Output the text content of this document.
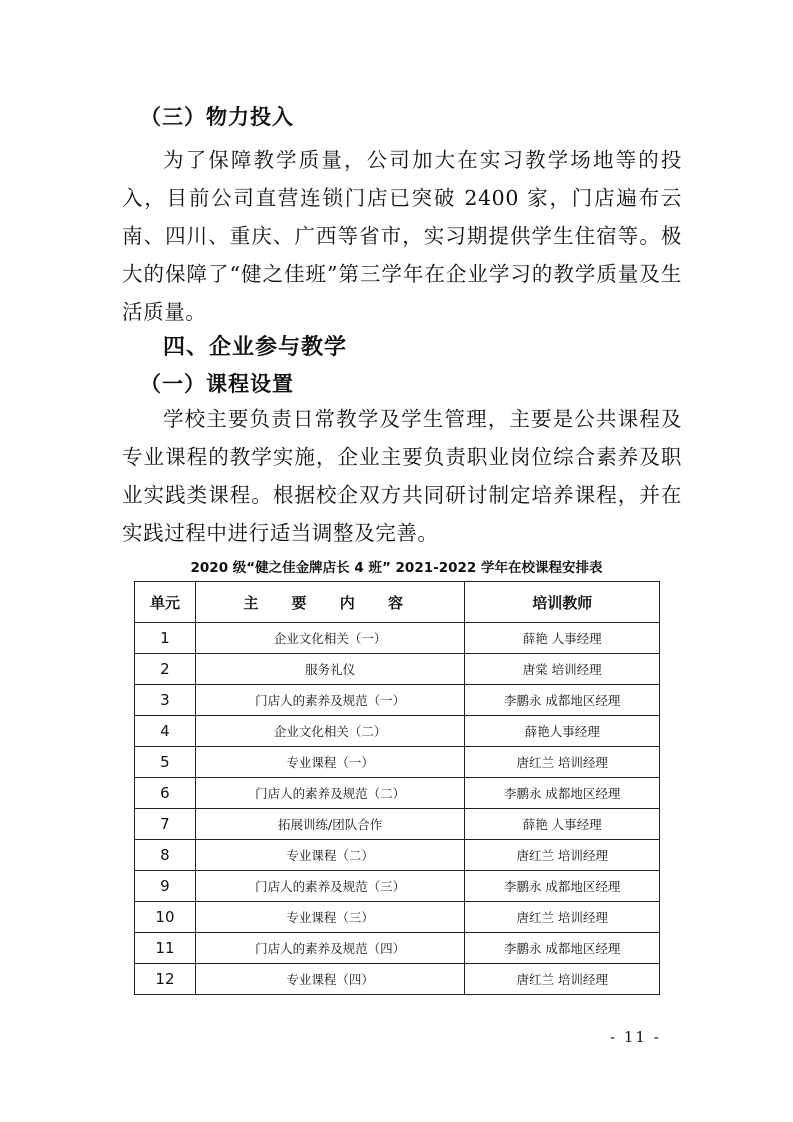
（三）物力投入
为了保障教学质量，公司加大在实习教学场地等的投入，目前公司直营连锁门店已突破 2400 家，门店遍布云南、四川、重庆、广西等省市，实习期提供学生住宿等。极大的保障了“健之佳班”第三学年在企业学习的教学质量及生活质量。
四、企业参与教学
（一）课程设置
学校主要负责日常教学及学生管理，主要是公共课程及专业课程的教学实施，企业主要负责职业岗位综合素养及职业实践类课程。根据校企双方共同研讨制定培养课程，并在实践过程中进行适当调整及完善。
2020 级“健之佳金牌店长 4 班” 2021-2022 学年在校课程安排表
单元	主 要 内 容	培训教师
1	企业文化相关（一）	薛艳 人事经理
2	服务礼仪	唐棠 培训经理
3	门店人的素养及规范（一）	李鹏永 成都地区经理
4	企业文化相关（二）	薛艳人事经理
5	专业课程（一）	唐红兰 培训经理
6	门店人的素养及规范（二）	李鹏永 成都地区经理
7	拓展训练/团队合作	薛艳 人事经理
8	专业课程（二）	唐红兰 培训经理
9	门店人的素养及规范（三）	李鹏永 成都地区经理
10	专业课程（三）	唐红兰 培训经理
11	门店人的素养及规范（四）	李鹏永 成都地区经理
12	专业课程（四）	唐红兰 培训经理
- 11 -
